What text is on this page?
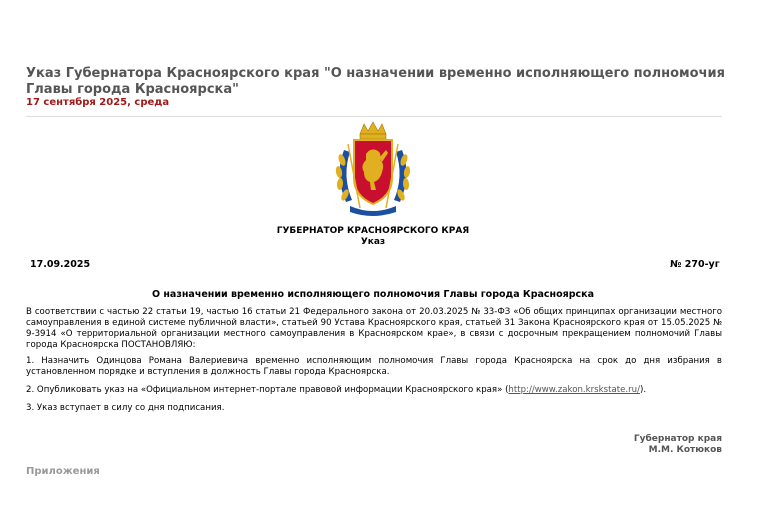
Указ Губернатора Красноярского края "О назначении временно исполняющего полномочия Главы города Красноярска"
17 сентября 2025, среда
ГУБЕРНАТОР КРАСНОЯРСКОГО КРАЯ
Указ
17.09.2025	№ 270-уг
О назначении временно исполняющего полномочия Главы города Красноярска
В соответствии с частью 22 статьи 19, частью 16 статьи 21 Федерального закона от 20.03.2025 № 33-ФЗ «Об общих принципах организации местного самоуправления в единой системе публичной власти», статьей 90 Устава Красноярского края, статьей 31 Закона Красноярского края от 15.05.2025 № 9-3914 «О территориальной организации местного самоуправления в Красноярском крае», в связи с досрочным прекращением полномочий Главы города Красноярска ПОСТАНОВЛЯЮ:
1. Назначить Одинцова Романа Валериевича временно исполняющим полномочия Главы города Красноярска на срок до дня избрания в установленном порядке и вступления в должность Главы города Красноярска.
2. Опубликовать указ на «Официальном интернет-портале правовой информации Красноярского края» (http://www.zakon.krskstate.ru/).
3. Указ вступает в силу со дня подписания.
Губернатор края
М.М. Котюков
Приложения
